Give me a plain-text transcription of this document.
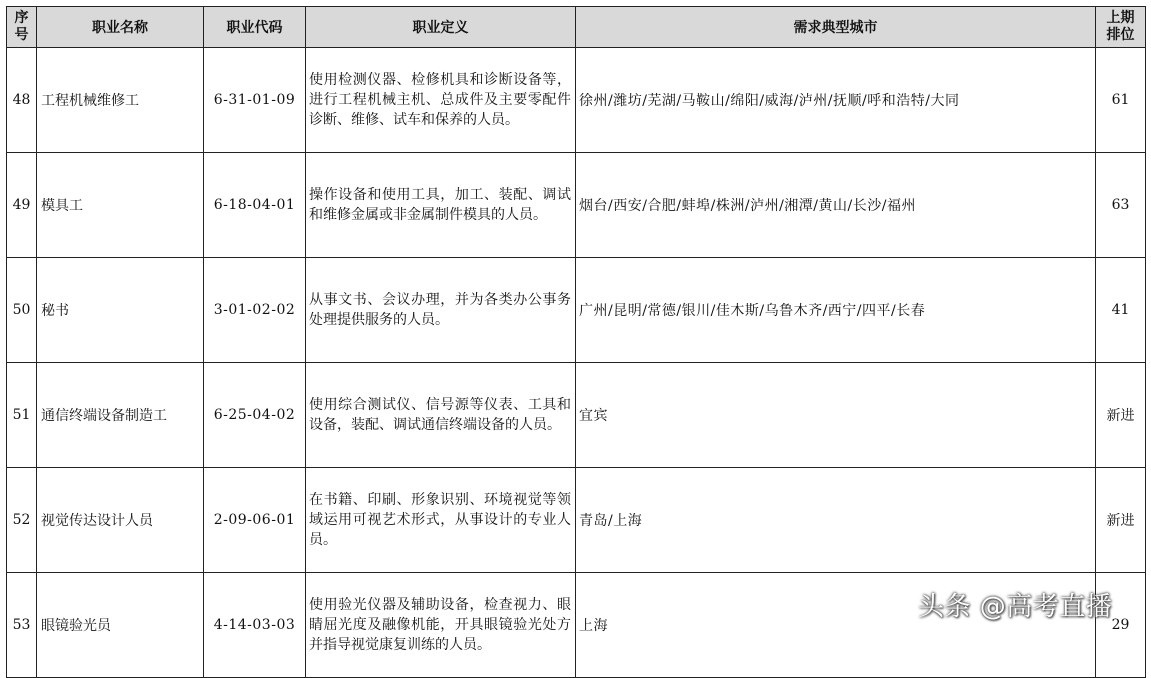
序号	职业名称	职业代码	职业定义	需求典型城市	上期排位
48	工程机械维修工	6-31-01-09	使用检测仪器、检修机具和诊断设备等，进行工程机械主机、总成件及主要零配件诊断、维修、试车和保养的人员。	徐州/潍坊/芜湖/马鞍山/绵阳/威海/泸州/抚顺/呼和浩特/大同	61
49	模具工	6-18-04-01	操作设备和使用工具，加工、装配、调试和维修金属或非金属制件模具的人员。	烟台/西安/合肥/蚌埠/株洲/泸州/湘潭/黄山/长沙/福州	63
50	秘书	3-01-02-02	从事文书、会议办理，并为各类办公事务处理提供服务的人员。	广州/昆明/常德/银川/佳木斯/乌鲁木齐/西宁/四平/长春	41
51	通信终端设备制造工	6-25-04-02	使用综合测试仪、信号源等仪表、工具和设备，装配、调试通信终端设备的人员。	宜宾	新进
52	视觉传达设计人员	2-09-06-01	在书籍、印刷、形象识别、环境视觉等领域运用可视艺术形式，从事设计的专业人员。	青岛/上海	新进
53	眼镜验光员	4-14-03-03	使用验光仪器及辅助设备，检查视力、眼睛屈光度及融像机能，开具眼镜验光处方并指导视觉康复训练的人员。	上海	29
头条 @高考直播
